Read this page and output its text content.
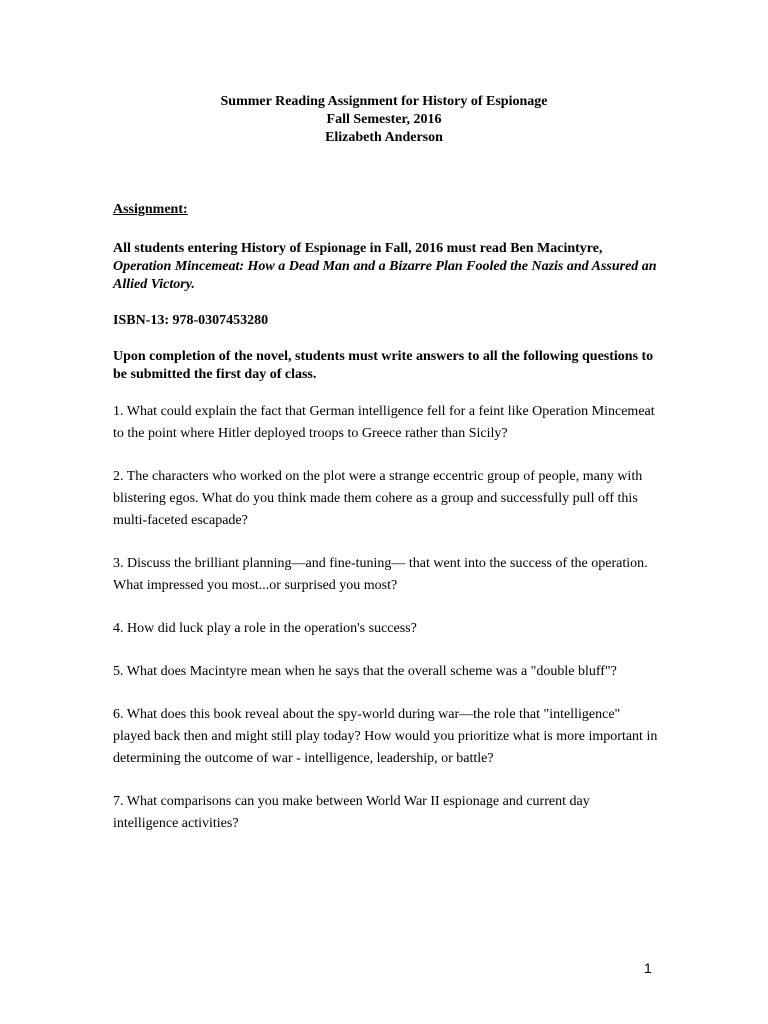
Summer Reading Assignment for History of Espionage
Fall Semester, 2016
Elizabeth Anderson

Assignment:

All students entering History of Espionage in Fall, 2016 must read Ben Macintyre,
Operation Mincemeat: How a Dead Man and a Bizarre Plan Fooled the Nazis and Assured an Allied Victory.

ISBN-13: 978-0307453280

Upon completion of the novel, students must write answers to all the following questions to be submitted the first day of class.

1. What could explain the fact that German intelligence fell for a feint like Operation Mincemeat to the point where Hitler deployed troops to Greece rather than Sicily?

2. The characters who worked on the plot were a strange eccentric group of people, many with blistering egos. What do you think made them cohere as a group and successfully pull off this multi-faceted escapade?

3. Discuss the brilliant planning—and fine-tuning— that went into the success of the operation. What impressed you most...or surprised you most?

4. How did luck play a role in the operation's success?

5. What does Macintyre mean when he says that the overall scheme was a "double bluff"?

6. What does this book reveal about the spy-world during war—the role that "intelligence" played back then and might still play today? How would you prioritize what is more important in determining the outcome of war - intelligence, leadership, or battle?

7. What comparisons can you make between World War II espionage and current day intelligence activities?

1
